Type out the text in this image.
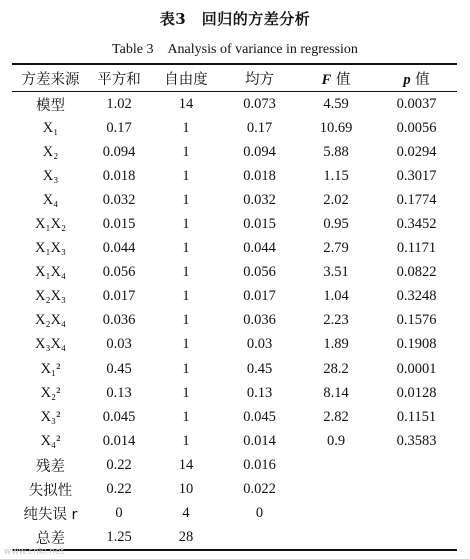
表3　回归的方差分析
Table 3　Analysis of variance in regression
方差来源	平方和	自由度	均方	F 值	p 值
模型	1.02	14	0.073	4.59	0.0037
X₁	0.17	1	0.17	10.69	0.0056
X₂	0.094	1	0.094	5.88	0.0294
X₃	0.018	1	0.018	1.15	0.3017
X₄	0.032	1	0.032	2.02	0.1774
X₁X₂	0.015	1	0.015	0.95	0.3452
X₁X₃	0.044	1	0.044	2.79	0.1171
X₁X₄	0.056	1	0.056	3.51	0.0822
X₂X₃	0.017	1	0.017	1.04	0.3248
X₂X₄	0.036	1	0.036	2.23	0.1576
X₃X₄	0.03	1	0.03	1.89	0.1908
X₁²	0.45	1	0.45	28.2	0.0001
X₂²	0.13	1	0.13	8.14	0.0128
X₃²	0.045	1	0.045	2.82	0.1151
X₄²	0.014	1	0.014	0.9	0.3583
残差	0.22	14	0.016
失拟性	0.22	10	0.022
纯失误 r	0	4	0
总差	1.25	28
www.cnki.net
